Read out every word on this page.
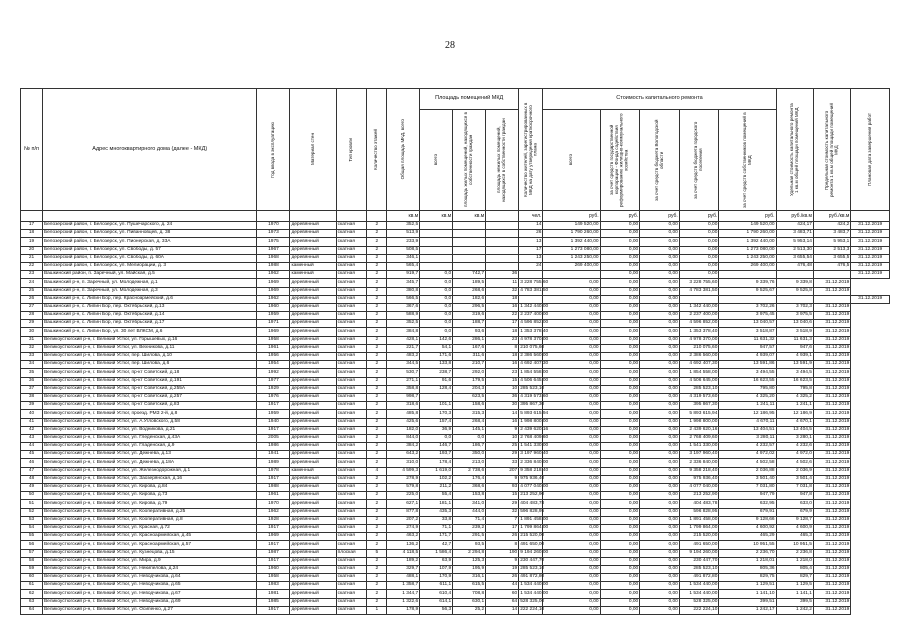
28
№ п/п	Адрес многоквартирного дома (далее - МКД)	Год ввода в эксплуатацию	Материал стен	Тип кровли	Количество этажей	Общая площадь МКД, всего	Площадь помещений МКД			Количество жителей, зарегистрированных в МКД на дату утверждения краткосрочного плана	Стоимость капитального ремонта					Удельная стоимость капитального ремонта 1 кв.м общей площади помещений МКД	Предельная стоимость капитального ремонта 1 кв.м общей площади помещений МКД	Плановая дата завершения работ

							всего	площадь жилых помещений, находящихся в собственности граждан	площадь нежилых помещений, находящихся в собственности граждан		всего	за счет средств государственной корпорации - Фонда содействия реформированию жилищно-коммунального хозяйства	за счет средств бюджета Вологодской области	за счет средств бюджета городского поселения	за счет средств собственников помещений в МКД			

						кв.м	кв.м	кв.м		чел.	руб.	руб.	руб.	руб.	руб.	руб./кв.м	руб./кв.м	
17	Белозерский район, г. Белозерск, ул. Пушечарского, д. 24	1970	деревянный	скатная	2	352,5				14	149 520,00	0,00	0,00	0,00	149 520,00	424,17	424,2	31.12.2019
18	Белозерский район, г. Белозерск, ул. Пиванновцев, д. 38	1973	деревянный	скатная	2	513,9				26	1 790 260,00	0,00	0,00	0,00	1 790 260,00	3 483,71	3 483,7	31.12.2019
19	Белозерский район, г. Белозерск, ул. Пионерская, д. 33А	1975	деревянный	скатная	2	233,9				13	1 392 440,00	0,00	0,00	0,00	1 392 440,00	5 953,14	5 953,1	31.12.2019
20	Белозерский район, г. Белозерск, ул. Свободы, д. 57	1967	деревянный	скатная	2	508,5				17	1 273 080,00	0,00	0,00	0,00	1 273 080,00	2 513,30	2 513,3	31.12.2019
21	Белозерский район, г. Белозерск, ул. Свободы, д. 60А	1968	деревянный	скатная	2	346,1				13	1 243 250,00	0,00	0,00	0,00	1 243 250,00	3 655,54	3 655,5	31.12.2019
22	Белозерский район, г. Белозерск, ул. Мелиорации, д. 3	1988	каменный	скатная	2	565,4				24	269 400,00	0,00	0,00	0,00	269 400,00	476,48	476,5	31.12.2019
23	Вашкинский район, п. Заречный, ул. Майская, д.5	1962	каменный	скатная	2	919,7	0,0	742,7	36			0,00	0,00	0,00				31.12.2019
24	Вашкинский р-н, п. Заречный, ул. Молодежная, д.1	1969	деревянный	скатная	2	345,7	0,0	189,5	11	3 228 755,60	0,00	0,00	0,00	3 228 755,60	9 339,76	9 339,8	31.12.2019	
25	Вашкинский р-н, п. Заречный, ул. Молодежная, д.3	1969	деревянный	скатная	2	380,8	0,0	268,6	32	4 783 381,50	0,00	0,00	0,00	4 783 381,50	9 525,67	9 525,8	31.12.2019	
26	Вашкинский р-н, с. Липин Бор, пер. Красноармейский, д.6	1962	деревянный	скатная	2	566,5	0,0	182,6	18		0,00	0,00	0,00					31.12.2019
27	Вашкинский р-н, с. Липин Бор, пер. Октябрьский, д.13	1960	деревянный	скатная	2	367,6	0,0	296,5	16	1 342 440,00	0,00	0,00	0,00	1 342 440,00	3 702,26	3 702,3	31.12.2019	
28	Вашкинский р-н, с. Липин Бор, пер. Октябрьский, д.14	1959	деревянный	скатная	2	588,9	0,0	319,6	22	2 237 400,00	0,00	0,00	0,00	2 237 400,00	3 975,45	3 975,5	31.12.2019	
29	Вашкинский р-н, с. Липин Бор, пер. Октябрьский, д.17	1971	деревянный	скатная	2	352,5	0,0	188,7	17	4 596 852,00	0,00	0,00	0,00	4 596 852,00	13 040,57	13 040,6	31.12.2019	
30	Вашкинский р-н, с. Липин Бор, ул. 30 лет ВЛКСМ, д.6	1969	деревянный	скатная	2	384,8	0,0	93,6	18	1 353 378,40	0,00	0,00	0,00	1 353 378,40	3 518,87	3 518,9	31.12.2019	
31	Великоустюгский р-н, г. Великий Устюг, ул. Горышевых, д.16	1958	деревянный	скатная	2	428,1	142,6	286,1	23	4 978 370,00	0,00	0,00	0,00	4 978 370,00	11 631,32	11 631,3	31.12.2019	
32	Великоустюгский р-н, г. Великий Устюг, ул. Вехникова, д.11	1961	деревянный	скатная	2	221,7	54,1	167,6	8	210 075,60	0,00	0,00	0,00	210 075,60	947,57	947,6	31.12.2019	
33	Великоустюгский р-н, г. Великий Устюг, пер. Шилова, д.10	1956	деревянный	скатная	2	483,2	171,6	311,6	18	2 386 560,00	0,00	0,00	0,00	2 386 560,00	4 939,07	4 939,1	31.12.2019	
34	Великоустюгский р-н, г. Великий Устюг, пер. Шилова, д.6	1954	деревянный	скатная	2	344,5	133,8	210,7	16	4 692 407,30	0,00	0,00	0,00	4 692 407,30	13 591,86	13 591,9	31.12.2019	
35	Великоустюгский р-н, г. Великий Устюг, пр-кт Советский, д.18	1992	деревянный	скатная	2	530,7	238,7	292,0	23	1 854 558,00	0,00	0,00	0,00	1 854 558,00	3 494,55	3 494,5	31.12.2019	
36	Великоустюгский р-н, г. Великий Устюг, пр-кт Советский, д.191	1977	деревянный	скатная	2	271,1	91,6	179,5	15	4 506 645,00	0,00	0,00	0,00	4 506 645,00	16 623,55	16 623,5	31.12.2019	
37	Великоустюгский р-н, г. Великий Устюг, пр-кт Советский, д.255А	1929	деревянный	скатная	2	358,8	128,4	204,3	10	285 523,10	0,00	0,00	0,00	285 523,10	795,80	795,8	31.12.2019	
38	Великоустюгский р-н, г. Великий Устюг, пр-кт Советский, д.257	1976	деревянный	скатная	2	998,7		623,5	36	4 319 573,60	0,00	0,00	0,00	4 319 573,60	4 325,20	4 325,2	31.12.2019	
39	Великоустюгский р-н, г. Великий Устюг, пр-кт Советский, д.83	1917	деревянный	скатная	2	318,6	101,1	158,6	30	395 867,30	0,00	0,00	0,00	395 867,30	1 241,11	1 241,1	31.12.2019	
40	Великоустюгский р-н, г. Великий Устюг, проезд. РМЗ 2-й, д.8	1959	деревянный	скатная	2	485,8	170,3	315,3	14	5 893 615,94	0,00	0,00	0,00	5 893 615,94	12 186,95	12 186,9	31.12.2019	
41	Великоустюгский р-н, г. Великий Устюг, ул. А.Угловского, д.58	1940	деревянный	скатная	2	425,6	157,4	268,4	16	1 998 800,00	0,00	0,00	0,00	1 998 800,00	4 670,11	4 670,1	31.12.2019	
42	Великоустюгский р-н, г. Великий Устюг, ул. Водникова, д.21	1917	деревянный	скатная	2	182,0	36,9	145,1	9	2 439 620,16	0,00	0,00	0,00	2 439 620,16	13 404,51	13 404,5	31.12.2019	
43	Великоустюгский р-н, г. Великий Устюг, ул. Гледенская, д.43А	2005	деревянный	скатная	2	844,0	0,0	0,0	10	2 768 409,60	0,00	0,00	0,00	2 768 409,60	3 280,11	3 280,1	31.12.2019	
44	Великоустюгский р-н, г. Великий Устюг, ул. Гладенская, д.9	1986	деревянный	скатная	2	384,2	146,7	186,7	25	1 541 330,00	0,00	0,00	0,00	1 541 330,00	4 232,57	4 232,6	31.12.2019	
45	Великоустюгский р-н, г. Великий Устюг, ул. Дежнева, д.13	1941	деревянный	скатная	2	643,2	193,7	350,0	29	3 197 960,40	0,00	0,00	0,00	3 197 960,40	4 972,02	4 972,0	31.12.2019	
46	Великоустюгский р-н, г. Великий Устюг, ул. Дежнева, д.18А	1989	деревянный	скатная	2	310,0	178,4	213,0	33	2 336 840,00	0,00	0,00	0,00	2 336 840,00	4 502,58	4 502,6	31.12.2019	
47	Великоустюгский р-н, г. Великий Устюг, ул. Железнодорожная, д.1	1978	каменный	скатная	4	4 599,3	1 619,0	2 738,6	207	9 358 218,40	0,00	0,00	0,00	9 358 218,40	2 036,88	2 036,9	31.12.2019	
48	Великоустюгский р-н, г. Великий Устюг, ул. Заозерянская, д.16	1917	деревянный	скатная	2	278,9	102,2	176,4	9	975 936,40	0,00	0,00	0,00	975 936,40	3 501,40	3 501,4	31.12.2019	
49	Великоустюгский р-н, г. Великий Устюг, ул. Кирова, д.84	1988	деревянный	скатная	2	579,8	211,2	368,6	93	4 077 040,00	0,00	0,00	0,00	4 077 040,00	7 031,80	7 031,8	31.12.2019	
50	Великоустюгский р-н, г. Великий Устюг, ул. Кирова, д.73	1961	деревянный	скатная	2	225,0	55,4	153,8	15	213 252,90	0,00	0,00	0,00	213 252,90	947,79	947,8	31.12.2019	
51	Великоустюгский р-н, г. Великий Устюг, ул. Кирова, д.79	1970	деревянный	скатная	2	627,1	181,1	341,0	29	404 483,78	0,00	0,00	0,00	404 483,78	632,95	633,0	31.12.2019	
52	Великоустюгский р-н, г. Великий Устюг, ул. Кооперативная, д.25	1962	деревянный	скатная	2	877,8	435,3	444,0	32	596 828,95	0,00	0,00	0,00	596 828,95	679,91	679,9	31.12.2019	
53	Великоустюгский р-н, г. Великий Устюг, ул. Кооперативная, д.8	1928	деревянный	скатная	2	207,2	33,8	71,4	7	1 891 458,00	0,00	0,00	0,00	1 891 458,00	9 128,66	9 128,7	31.12.2019	
54	Великоустюгский р-н, г. Великий Устюг, ул. Красная, д.72	1917	деревянный	скатная	2	274,9	71,1	239,2	17	1 799 864,00	0,00	0,00	0,00	1 799 864,00	4 600,92	4 600,9	31.12.2019	
55	Великоустюгский р-н, г. Великий Устюг, ул. Красноармейская, д.45	1969	деревянный	скатная	2	463,2	171,7	291,5	26	215 520,00	0,00	0,00	0,00	215 520,00	465,29	465,3	31.12.2019	
56	Великоустюгский р-н, г. Великий Устюг, ул. Красноармейская, д.57	1917	деревянный	скатная	2	136,2	42,7	93,5	8	491 650,00	0,00	0,00	0,00	491 650,00	10 951,55	10 951,5	31.12.2019	
57	Великоустюгский р-н, г. Великий Устюг, ул. Кузнецова, д.15	1987	деревянный	плоская	5	4 118,5	1 586,4	2 294,8	190	9 194 260,00	0,00	0,00	0,00	9 194 260,00	2 236,70	2 236,8	31.12.2019	
58	Великоустюгский р-н, г. Великий Устюг, ул. Мира, д.9	1917	деревянный	скатная	2	189,2	63,9	125,3	9	230 447,70	0,00	0,00	0,00	230 447,70	1 218,01	1 218,0	31.12.2019	
59	Великоустюгский р-н, г. Великий Устюг, ул. Некипелова, д.24	1960	деревянный	скатная	2	329,7	107,9	195,9	19	285 523,10	0,00	0,00	0,00	285 523,10	805,36	805,4	31.12.2019	
60	Великоустюгский р-н, г. Великий Устюг, ул. Неводчикова, д.64	1958	деревянный	скатная	2	488,1	170,9	316,1	26	491 872,80	0,00	0,00	0,00	491 872,80	829,75	829,7	31.12.2019	
61	Великоустюгский р-н, г. Великий Устюг, ул. Неводчикова, д.65	1983	деревянный	скатная	2	1 358,7	611,1	615,5	44	1 534 440,00	0,00	0,00	0,00	1 534 440,00	1 129,51	1 129,5	31.12.2019	
62	Великоустюгский р-н, г. Великий Устюг, ул. Неводчикова, д.67	1981	деревянный	скатная	2	1 344,7	610,4	708,8	60	1 534 440,00	0,00	0,00	0,00	1 534 440,00	1 141,10	1 141,1	31.12.2019	
63	Великоустюгский р-н, г. Великий Устюг, ул. Неводчикова, д.69	1985	деревянный	скатная	2	1 322,6	614,1	630,1	64	528 325,00	0,00	0,00	0,00	528 325,00	399,51	399,5	31.12.2019	
64	Великоустюгский р-н, г. Великий Устюг, ул. Осипенко, д.27	1917	деревянный	скатная	1	178,9	56,3	25,2	14	222 224,10	0,00	0,00	0,00	222 224,10	1 242,17	1 242,2	31.12.2019	
